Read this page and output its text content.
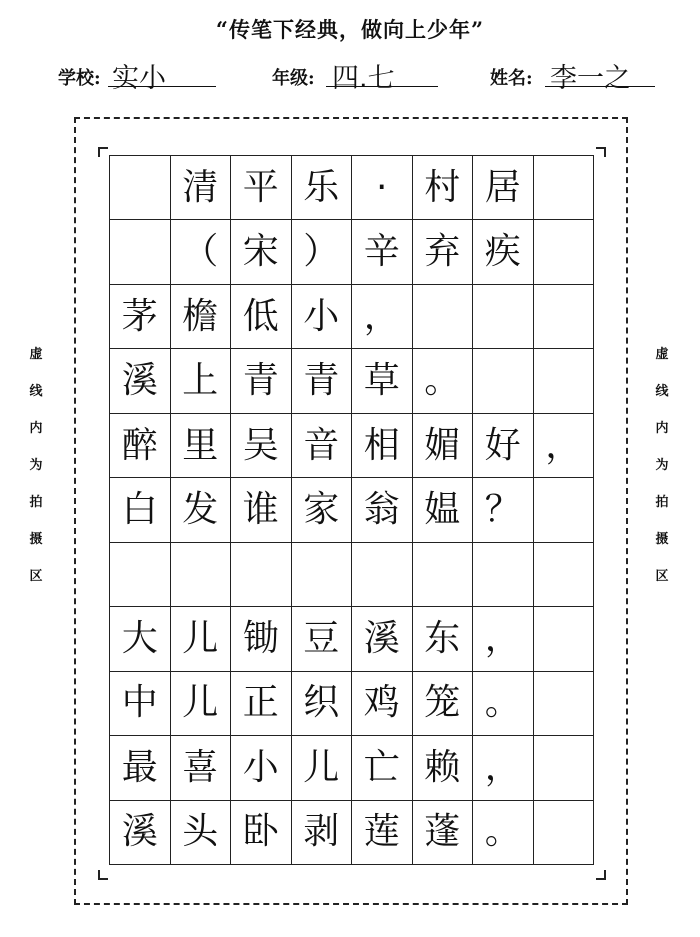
“传笔下经典，做向上少年”
学校: 实小	年级: 四.七	姓名: 李一之
虚
线
内
为
拍
摄
区
虚
线
内
为
拍
摄
区
清 平 乐 · 村 居
（ 宋 ） 辛 弃 疾
茅 檐 低 小 ，
溪 上 青 青 草 。
醉 里 吴 音 相 媚 好 ，
白 发 谁 家 翁 媪 ？
大 儿 锄 豆 溪 东 ，
中 儿 正 织 鸡 笼 。
最 喜 小 儿 亡 赖 ，
溪 头 卧 剥 莲 蓬 。
